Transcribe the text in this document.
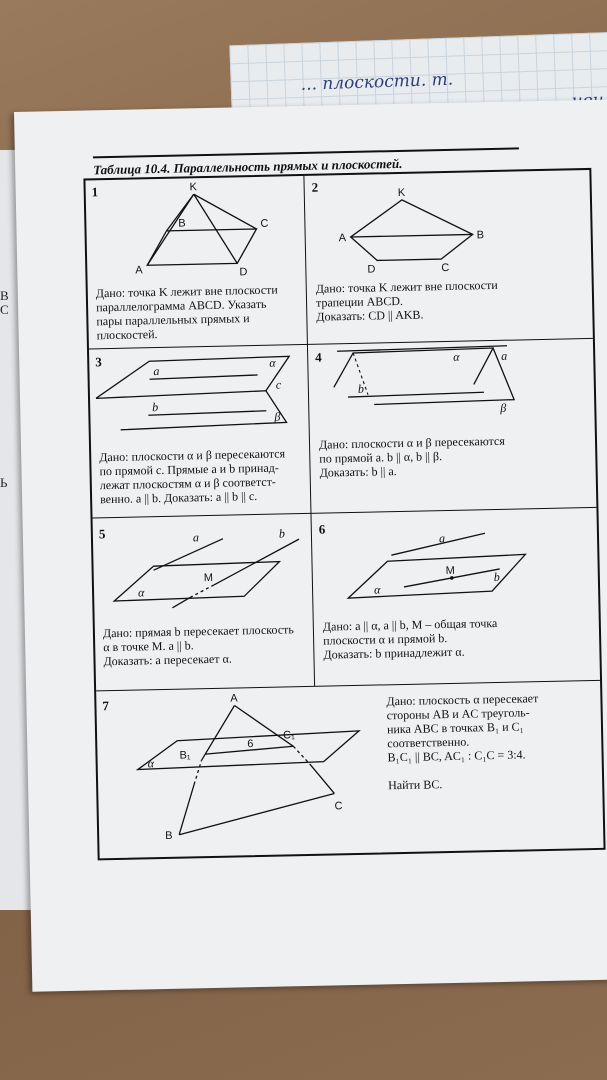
... плоскости. т.
В
С
Ь
Таблица 10.4. Параллельность прямых и плоскостей.
1	K
B	C
A	D
Дано: точка K лежит вне плоскости
параллелограмма ABCD. Указать
пары параллельных прямых и
плоскостей.
2	K
A	B
D	C
Дано: точка K лежит вне плоскости
трапеции ABCD.
Доказать: CD || AKB.
3
a
α
c
b
β
Дано: плоскости α и β пересекаются
по прямой c. Прямые a и b принад-
лежат плоскостям α и β соответст-
венно. a || b. Доказать: a || b || c.
4	α	a
b
β
Дано: плоскости α и β пересекаются
по прямой a. b || α, b || β.
Доказать: b || a.
5	a	b
M
α
Дано: прямая b пересекает плоскость
α в точке M. a || b.
Доказать: a пересекает α.
6
a
M	b
α
Дано: a || α, a || b, M – общая точка
плоскости α и прямой b.
Доказать: b принадлежит α.
7	A
C₁
α
B₁
6
B
C
Дано: плоскость α пересекает
стороны AB и AC треуголь-
ника ABC в точках B₁ и C₁
соответственно.
B₁C₁ || BC, AC₁ : C₁C = 3:4.
Найти BC.
